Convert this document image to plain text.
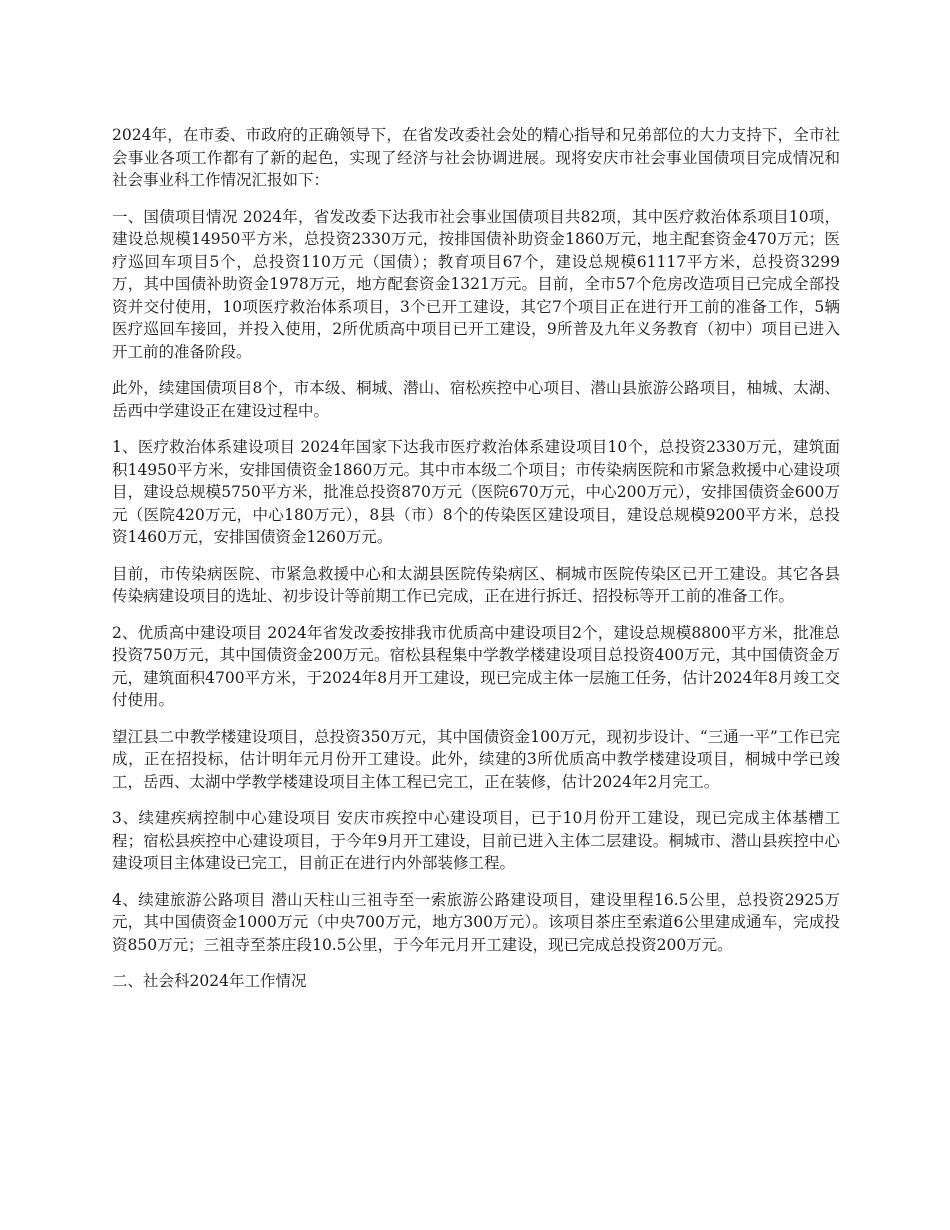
2024年，在市委、市政府的正确领导下，在省发改委社会处的精心指导和兄弟部位的大力支持下，全市社会事业各项工作都有了新的起色，实现了经济与社会协调进展。现将安庆市社会事业国债项目完成情况和社会事业科工作情况汇报如下：

一、国债项目情况 2024年，省发改委下达我市社会事业国债项目共82项，其中医疗救治体系项目10项，建设总规模14950平方米，总投资2330万元，按排国债补助资金1860万元，地主配套资金470万元；医疗巡回车项目5个，总投资110万元（国债）；教育项目67个，建设总规模61117平方米，总投资3299万，其中国债补助资金1978万元，地方配套资金1321万元。目前，全市57个危房改造项目已完成全部投资并交付使用，10项医疗救治体系项目，3个已开工建设，其它7个项目正在进行开工前的准备工作，5辆医疗巡回车接回，并投入使用，2所优质高中项目已开工建设，9所普及九年义务教育（初中）项目已进入开工前的准备阶段。

此外，续建国债项目8个，市本级、桐城、潜山、宿松疾控中心项目、潜山县旅游公路项目，柚城、太湖、岳西中学建设正在建设过程中。

1、医疗救治体系建设项目 2024年国家下达我市医疗救治体系建设项目10个，总投资2330万元，建筑面积14950平方米，安排国债资金1860万元。其中市本级二个项目；市传染病医院和市紧急救援中心建设项目，建设总规模5750平方米，批准总投资870万元（医院670万元，中心200万元），安排国债资金600万元（医院420万元，中心180万元），8县（市）8个的传染医区建设项目，建设总规模9200平方米，总投资1460万元，安排国债资金1260万元。

目前，市传染病医院、市紧急救援中心和太湖县医院传染病区、桐城市医院传染区已开工建设。其它各县传染病建设项目的选址、初步设计等前期工作已完成，正在进行拆迁、招投标等开工前的准备工作。

2、优质高中建设项目 2024年省发改委按排我市优质高中建设项目2个，建设总规模8800平方米，批准总投资750万元，其中国债资金200万元。宿松县程集中学教学楼建设项目总投资400万元，其中国债资金万元，建筑面积4700平方米，于2024年8月开工建设，现已完成主体一层施工任务，估计2024年8月竣工交付使用。

望江县二中教学楼建设项目，总投资350万元，其中国债资金100万元，现初步设计、“三通一平”工作已完成，正在招投标，估计明年元月份开工建设。此外，续建的3所优质高中教学楼建设项目，桐城中学已竣工，岳西、太湖中学教学楼建设项目主体工程已完工，正在装修，估计2024年2月完工。

3、续建疾病控制中心建设项目 安庆市疾控中心建设项目，已于10月份开工建设，现已完成主体基槽工程；宿松县疾控中心建设项目，于今年9月开工建设，目前已进入主体二层建设。桐城市、潜山县疾控中心建设项目主体建设已完工，目前正在进行内外部装修工程。

4、续建旅游公路项目 潜山天柱山三祖寺至一索旅游公路建设项目，建设里程16.5公里，总投资2925万元，其中国债资金1000万元（中央700万元，地方300万元）。该项目茶庄至索道6公里建成通车，完成投资850万元；三祖寺至茶庄段10.5公里，于今年元月开工建设，现已完成总投资200万元。

二、社会科2024年工作情况
